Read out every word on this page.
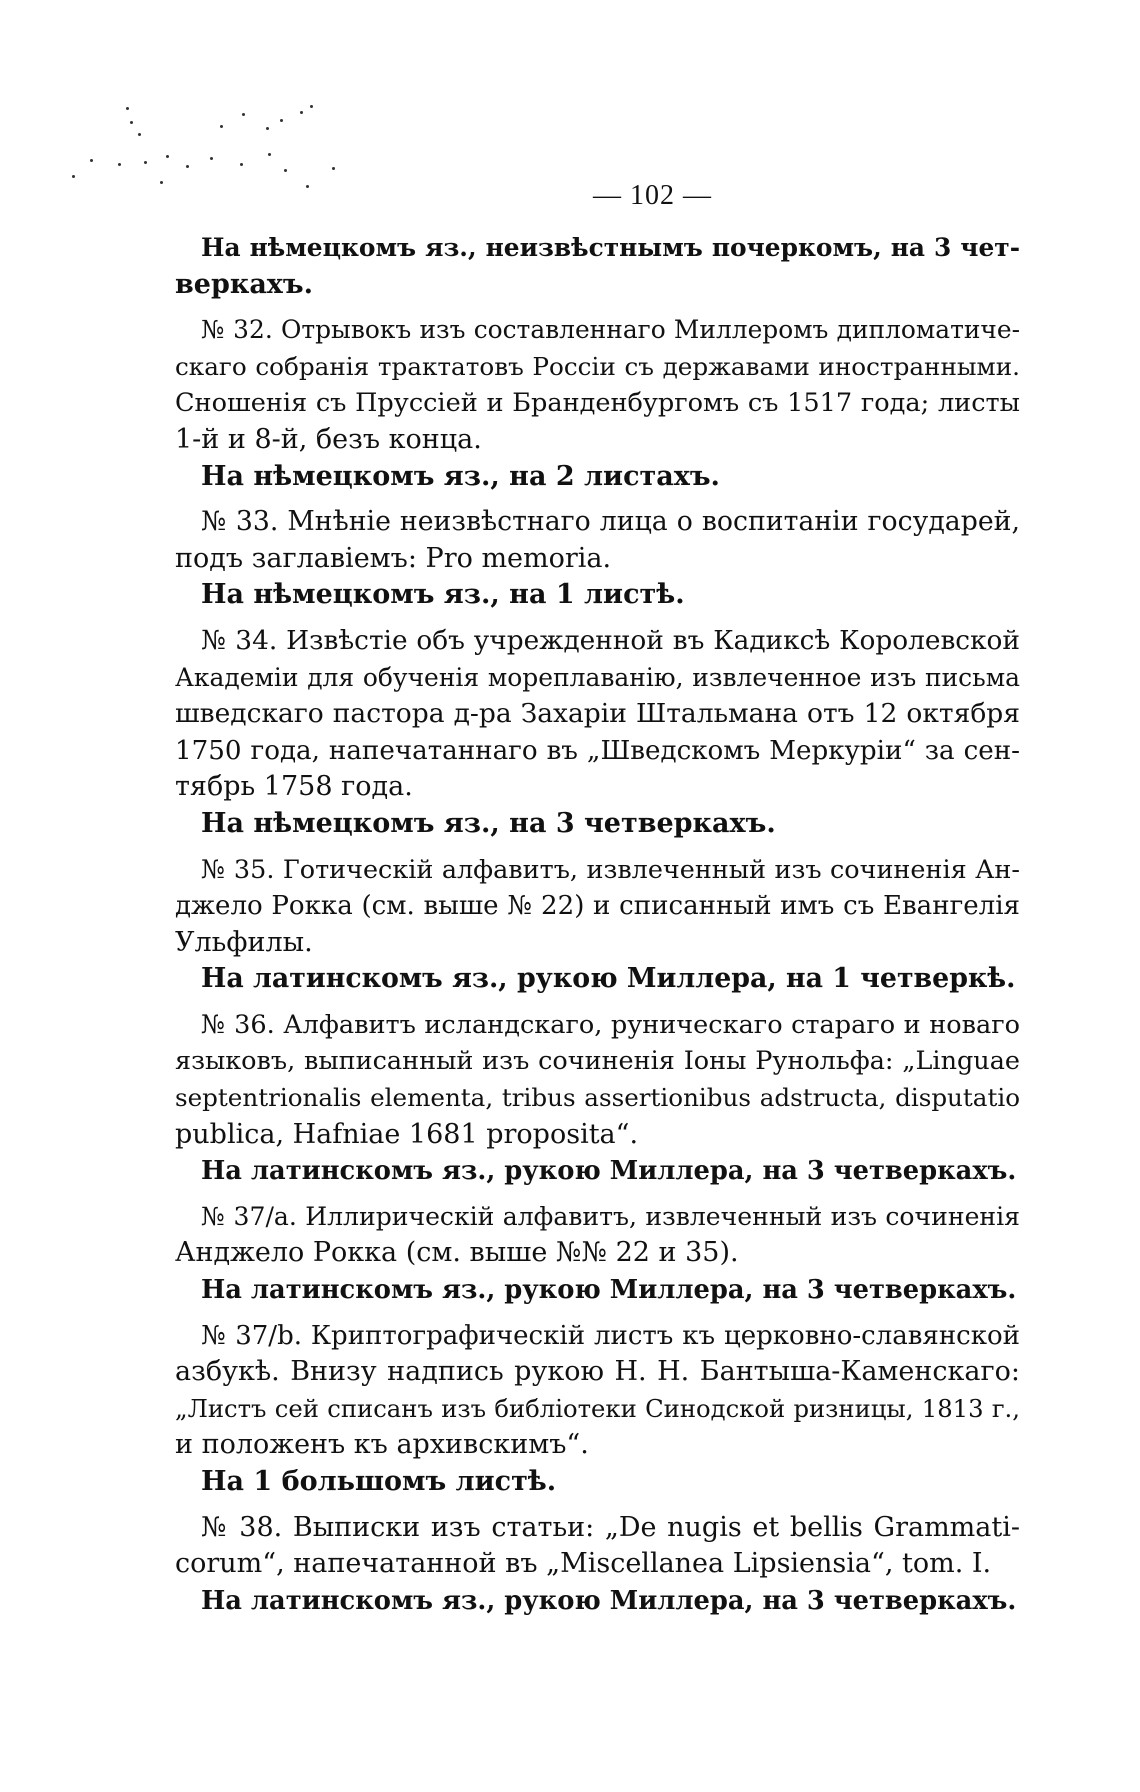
— 102 —
На нѣмецкомъ яз., неизвѣстнымъ почеркомъ, на 3 чет-
веркахъ.
№ 32. Отрывокъ изъ составленнаго Миллеромъ дипломатиче-
скаго собранія трактатовъ Россіи съ державами иностранными.
Сношенія съ Пруссіей и Бранденбургомъ съ 1517 года; листы
1-й и 8-й, безъ конца.
На нѣмецкомъ яз., на 2 листахъ.
№ 33. Мнѣніе неизвѣстнаго лица о воспитаніи государей,
подъ заглавіемъ: Pro memoria.
На нѣмецкомъ яз., на 1 листѣ.
№ 34. Извѣстіе объ учрежденной въ Кадиксѣ Королевской
Академіи для обученія мореплаванію, извлеченное изъ письма
шведскаго пастора д-ра Захаріи Штальмана отъ 12 октября
1750 года, напечатаннаго въ „Шведскомъ Меркуріи“ за сен-
тябрь 1758 года.
На нѣмецкомъ яз., на 3 четверкахъ.
№ 35. Готическій алфавитъ, извлеченный изъ сочиненія Ан-
джело Рокка (см. выше № 22) и списанный имъ съ Евангелія
Ульфилы.
На латинскомъ яз., рукою Миллера, на 1 четверкѣ.
№ 36. Алфавитъ исландскаго, руническаго стараго и новаго
языковъ, выписанный изъ сочиненія Іоны Рунольфа: „Linguae
septentrionalis elementa, tribus assertionibus adstructa, disputatio
publica, Hafniae 1681 proposita“.
На латинскомъ яз., рукою Миллера, на 3 четверкахъ.
№ 37/a. Иллирическій алфавитъ, извлеченный изъ сочиненія
Анджело Рокка (см. выше №№ 22 и 35).
На латинскомъ яз., рукою Миллера, на 3 четверкахъ.
№ 37/b. Криптографическій листъ къ церковно-славянской
азбукѣ. Внизу надпись рукою Н. Н. Бантыша-Каменскаго:
„Листъ сей списанъ изъ библіотеки Синодской ризницы, 1813 г.,
и положенъ къ архивскимъ“.
На 1 большомъ листѣ.
№ 38. Выписки изъ статьи: „De nugis et bellis Grammati-
corum“, напечатанной въ „Miscellanea Lipsiensia“, tom. I.
На латинскомъ яз., рукою Миллера, на 3 четверкахъ.
